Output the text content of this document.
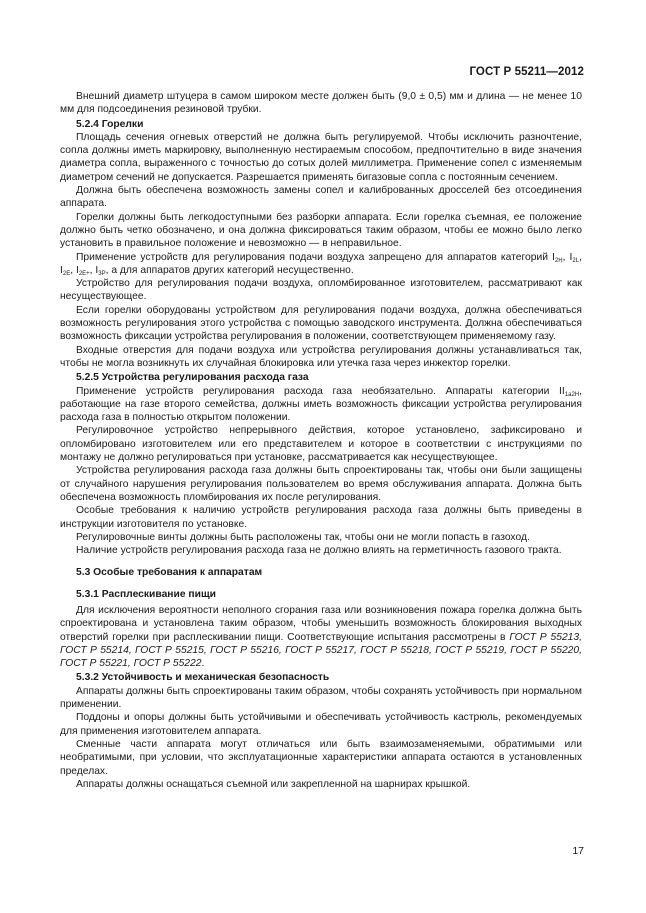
ГОСТ Р 55211—2012

Внешний диаметр штуцера в самом широком месте должен быть (9,0 ± 0,5) мм и длина — не менее 10 мм для подсоединения резиновой трубки.

5.2.4 Горелки

Площадь сечения огневых отверстий не должна быть регулируемой. Чтобы исключить разночтение, сопла должны иметь маркировку, выполненную нестираемым способом, предпочтительно в виде значения диаметра сопла, выраженного с точностью до сотых долей миллиметра. Применение сопел с изменяемым диаметром сечений не допускается. Разрешается применять бигазовые сопла с постоянным сечением.

Должна быть обеспечена возможность замены сопел и калиброванных дросселей без отсоединения аппарата.

Горелки должны быть легкодоступными без разборки аппарата. Если горелка съемная, ее положение должно быть четко обозначено, и она должна фиксироваться таким образом, чтобы ее можно было легко установить в правильное положение и невозможно — в неправильное.

Применение устройств для регулирования подачи воздуха запрещено для аппаратов категорий $I_{2H}$, $I_{2L}$, $I_{2E}$, $I_{2E+}$, $I_{3P}$, а для аппаратов других категорий несущественно.

Устройство для регулирования подачи воздуха, опломбированное изготовителем, рассматривают как несуществующее.

Если горелки оборудованы устройством для регулирования подачи воздуха, должна обеспечиваться возможность регулирования этого устройства с помощью заводского инструмента. Должна обеспечиваться возможность фиксации устройства регулирования в положении, соответствующем применяемому газу.

Входные отверстия для подачи воздуха или устройства регулирования должны устанавливаться так, чтобы не могла возникнуть их случайная блокировка или утечка газа через инжектор горелки.

5.2.5 Устройства регулирования расхода газа

Применение устройств регулирования расхода газа необязательно. Аппараты категории $II_{1a2H}$, работающие на газе второго семейства, должны иметь возможность фиксации устройства регулирования расхода газа в полностью открытом положении.

Регулировочное устройство непрерывного действия, которое установлено, зафиксировано и опломбировано изготовителем или его представителем и которое в соответствии с инструкциями по монтажу не должно регулироваться при установке, рассматривается как несуществующее.

Устройства регулирования расхода газа должны быть спроектированы так, чтобы они были защищены от случайного нарушения регулирования пользователем во время обслуживания аппарата. Должна быть обеспечена возможность пломбирования их после регулирования.

Особые требования к наличию устройств регулирования расхода газа должны быть приведены в инструкции изготовителя по установке.

Регулировочные винты должны быть расположены так, чтобы они не могли попасть в газоход.

Наличие устройств регулирования расхода газа не должно влиять на герметичность газового тракта.

5.3 Особые требования к аппаратам

5.3.1 Расплескивание пищи

Для исключения вероятности неполного сгорания газа или возникновения пожара горелка должна быть спроектирована и установлена таким образом, чтобы уменьшить возможность блокирования выходных отверстий горелки при расплескивании пищи. Соответствующие испытания рассмотрены в ГОСТ Р 55213, ГОСТ Р 55214, ГОСТ Р 55215, ГОСТ Р 55216, ГОСТ Р 55217, ГОСТ Р 55218, ГОСТ Р 55219, ГОСТ Р 55220, ГОСТ Р 55221, ГОСТ Р 55222.

5.3.2 Устойчивость и механическая безопасность

Аппараты должны быть спроектированы таким образом, чтобы сохранять устойчивость при нормальном применении.

Поддоны и опоры должны быть устойчивыми и обеспечивать устойчивость кастрюль, рекомендуемых для применения изготовителем аппарата.

Сменные части аппарата могут отличаться или быть взаимозаменяемыми, обратимыми или необратимыми, при условии, что эксплуатационные характеристики аппарата остаются в установленных пределах.

Аппараты должны оснащаться съемной или закрепленной на шарнирах крышкой.

17
